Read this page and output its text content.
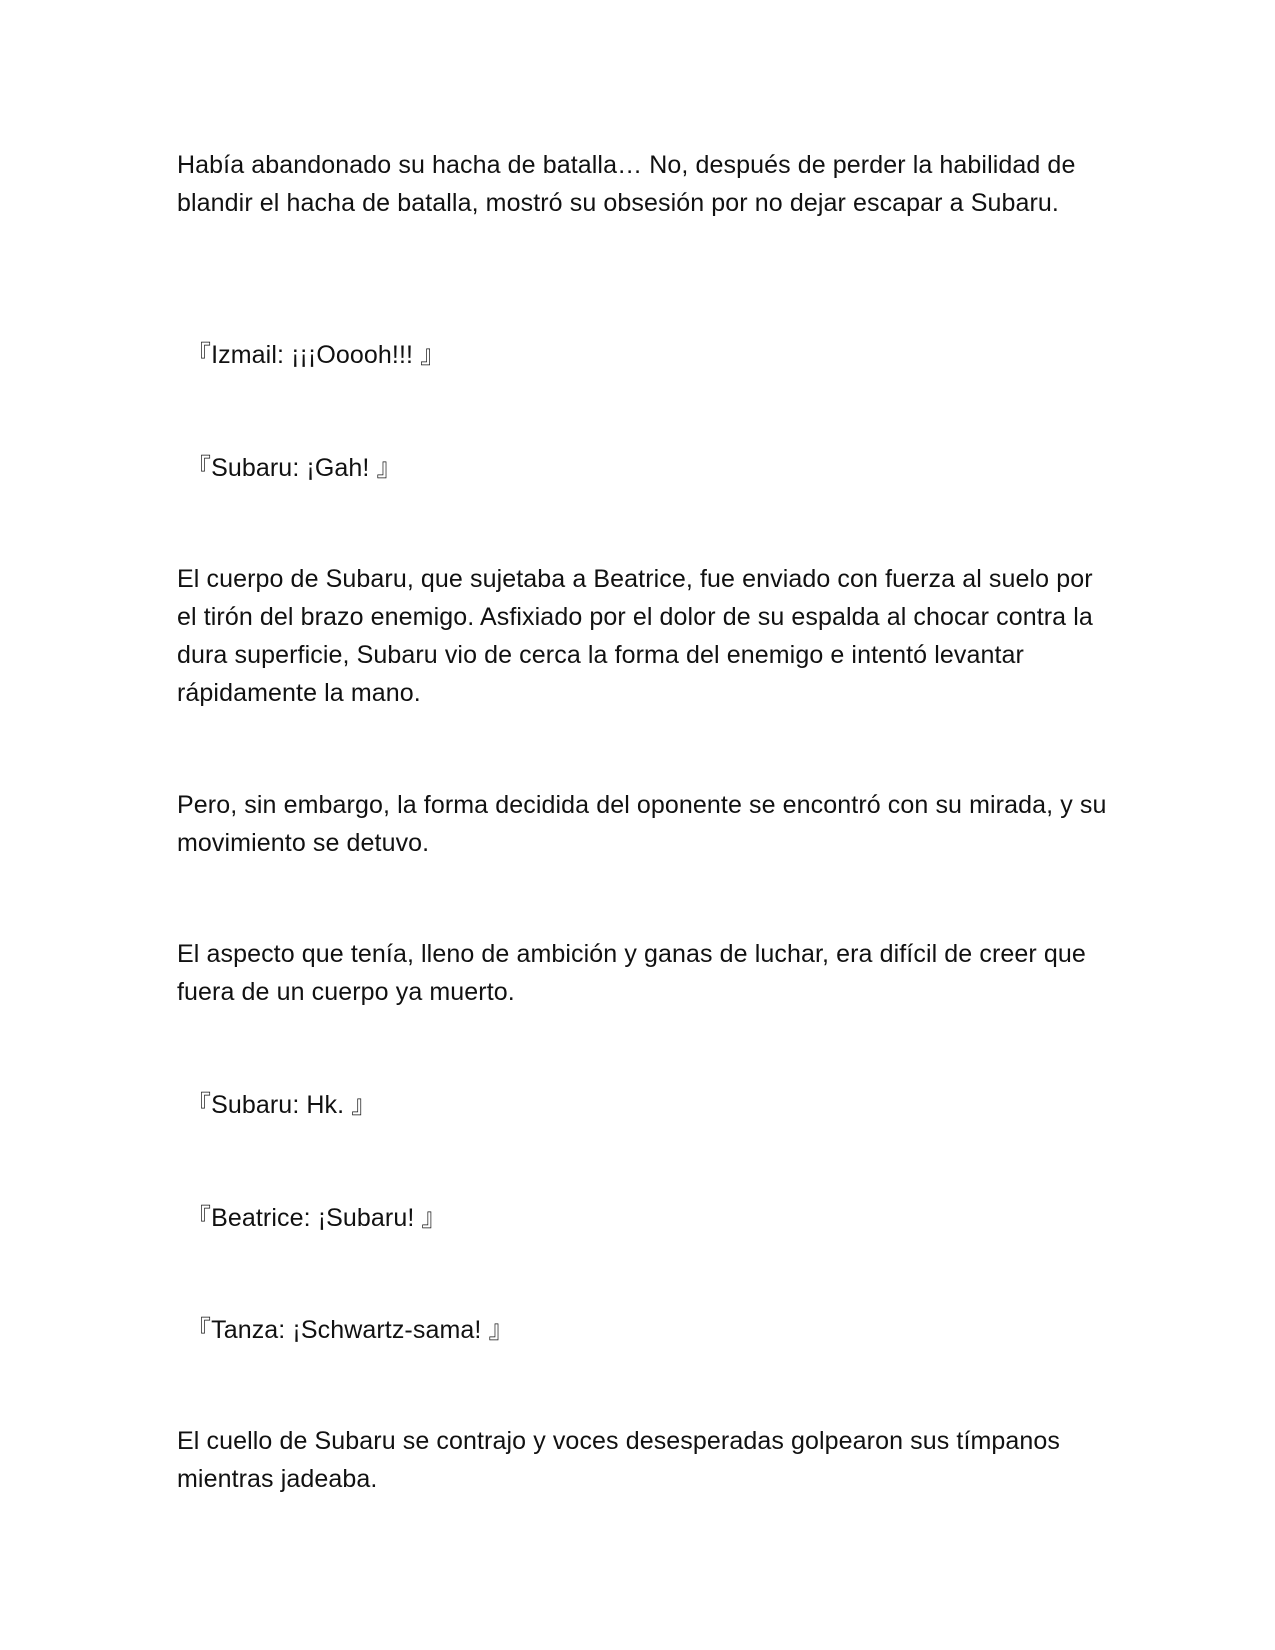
Había abandonado su hacha de batalla… No, después de perder la habilidad de blandir el hacha de batalla, mostró su obsesión por no dejar escapar a Subaru.

『Izmail: ¡¡¡Ooooh!!! 』

『Subaru: ¡Gah! 』

El cuerpo de Subaru, que sujetaba a Beatrice, fue enviado con fuerza al suelo por el tirón del brazo enemigo. Asfixiado por el dolor de su espalda al chocar contra la dura superficie, Subaru vio de cerca la forma del enemigo e intentó levantar rápidamente la mano.

Pero, sin embargo, la forma decidida del oponente se encontró con su mirada, y su movimiento se detuvo.

El aspecto que tenía, lleno de ambición y ganas de luchar, era difícil de creer que fuera de un cuerpo ya muerto.

『Subaru: Hk. 』

『Beatrice: ¡Subaru! 』

『Tanza: ¡Schwartz-sama! 』

El cuello de Subaru se contrajo y voces desesperadas golpearon sus tímpanos mientras jadeaba.
